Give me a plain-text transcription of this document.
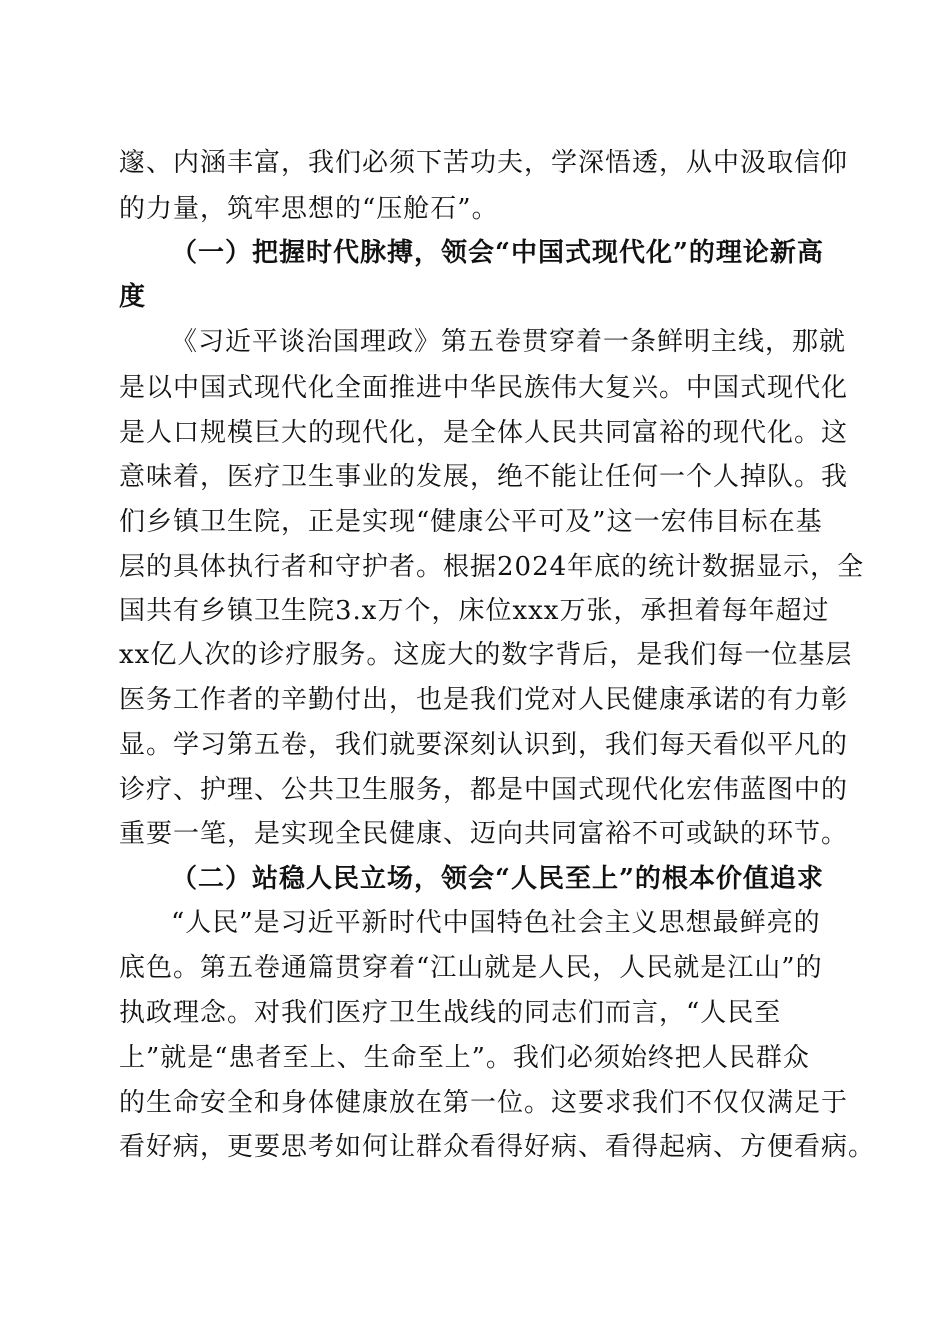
邃、内涵丰富，我们必须下苦功夫，学深悟透，从中汲取信仰
的力量，筑牢思想的“压舱石”。
（一）把握时代脉搏，领会“中国式现代化”的理论新高
度
《习近平谈治国理政》第五卷贯穿着一条鲜明主线，那就
是以中国式现代化全面推进中华民族伟大复兴。中国式现代化
是人口规模巨大的现代化，是全体人民共同富裕的现代化。这
意味着，医疗卫生事业的发展，绝不能让任何一个人掉队。我
们乡镇卫生院，正是实现“健康公平可及”这一宏伟目标在基
层的具体执行者和守护者。根据2024年底的统计数据显示，全
国共有乡镇卫生院3.x万个，床位xxx万张，承担着每年超过
xx亿人次的诊疗服务。这庞大的数字背后，是我们每一位基层
医务工作者的辛勤付出，也是我们党对人民健康承诺的有力彰
显。学习第五卷，我们就要深刻认识到，我们每天看似平凡的
诊疗、护理、公共卫生服务，都是中国式现代化宏伟蓝图中的
重要一笔，是实现全民健康、迈向共同富裕不可或缺的环节。
（二）站稳人民立场，领会“人民至上”的根本价值追求
“人民”是习近平新时代中国特色社会主义思想最鲜亮的
底色。第五卷通篇贯穿着“江山就是人民，人民就是江山”的
执政理念。对我们医疗卫生战线的同志们而言，“人民至
上”就是“患者至上、生命至上”。我们必须始终把人民群众
的生命安全和身体健康放在第一位。这要求我们不仅仅满足于
看好病，更要思考如何让群众看得好病、看得起病、方便看病。
